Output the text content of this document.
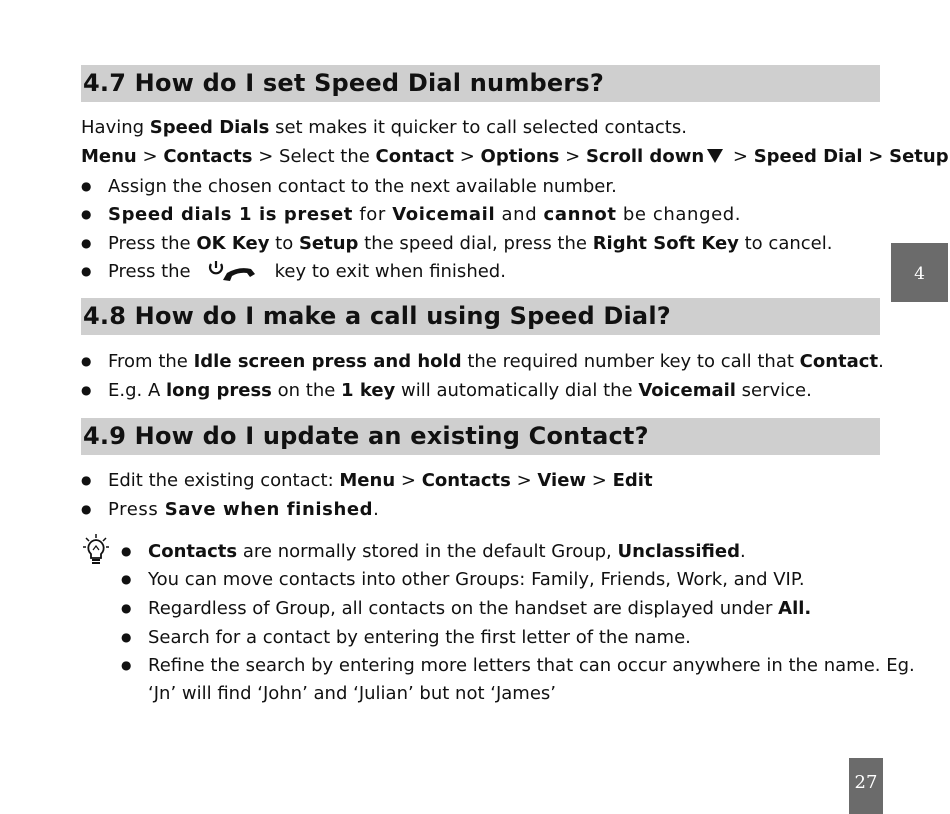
4
4.7 How do I set Speed Dial numbers?
Having Speed Dials set makes it quicker to call selected contacts.
Menu > Contacts > Select the Contact > Options > Scroll down > Speed Dial > Setup
● Assign the chosen contact to the next available number.
● Speed dials 1 is preset for Voicemail and cannot be changed.
● Press the OK Key to Setup the speed dial, press the Right Soft Key to cancel.
● Press the	key to exit when finished.
4.8 How do I make a call using Speed Dial?
● From the Idle screen press and hold the required number key to call that Contact.
● E.g. A long press on the 1 key will automatically dial the Voicemail service.
4.9 How do I update an existing Contact?
● Edit the existing contact: Menu > Contacts > View > Edit
● Press Save when finished.
● Contacts are normally stored in the default Group, Unclassified.
● You can move contacts into other Groups: Family, Friends, Work, and VIP.
● Regardless of Group, all contacts on the handset are displayed under All.
● Search for a contact by entering the first letter of the name.
● Refine the search by entering more letters that can occur anywhere in the name. Eg.
‘Jn’ will find ‘John’ and ‘Julian’ but not ‘James’
27
